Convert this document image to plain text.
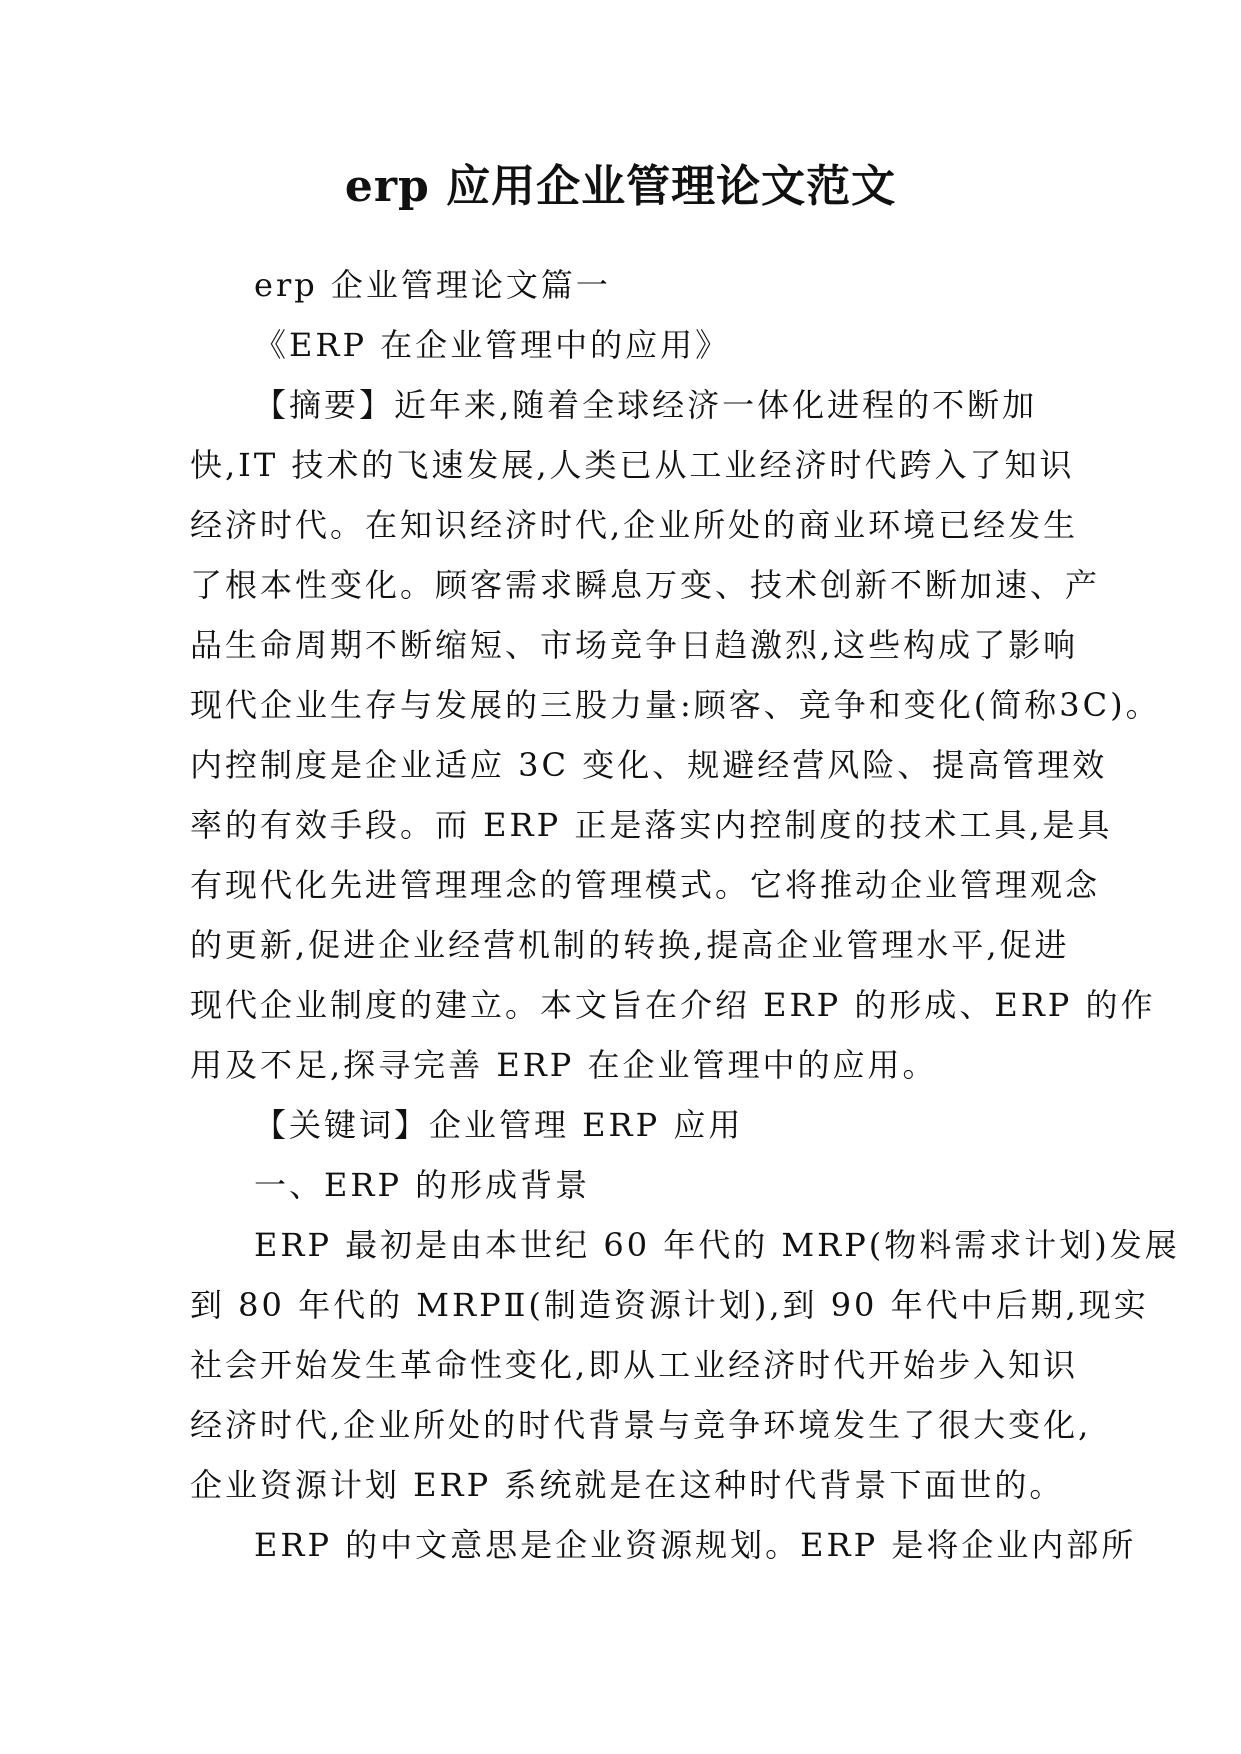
erp 应用企业管理论文范文
erp 企业管理论文篇一
《ERP 在企业管理中的应用》
【摘要】近年来,随着全球经济一体化进程的不断加
快,IT 技术的飞速发展,人类已从工业经济时代跨入了知识
经济时代。在知识经济时代,企业所处的商业环境已经发生
了根本性变化。顾客需求瞬息万变、技术创新不断加速、产
品生命周期不断缩短、市场竞争日趋激烈,这些构成了影响
现代企业生存与发展的三股力量:顾客、竞争和变化(简称3C)。
内控制度是企业适应 3C 变化、规避经营风险、提高管理效
率的有效手段。而 ERP 正是落实内控制度的技术工具,是具
有现代化先进管理理念的管理模式。它将推动企业管理观念
的更新,促进企业经营机制的转换,提高企业管理水平,促进
现代企业制度的建立。本文旨在介绍 ERP 的形成、ERP 的作
用及不足,探寻完善 ERP 在企业管理中的应用。
【关键词】企业管理 ERP 应用
一、ERP 的形成背景
ERP 最初是由本世纪 60 年代的 MRP(物料需求计划)发展
到 80 年代的 MRPⅡ(制造资源计划),到 90 年代中后期,现实
社会开始发生革命性变化,即从工业经济时代开始步入知识
经济时代,企业所处的时代背景与竞争环境发生了很大变化,
企业资源计划 ERP 系统就是在这种时代背景下面世的。
ERP 的中文意思是企业资源规划。ERP 是将企业内部所
